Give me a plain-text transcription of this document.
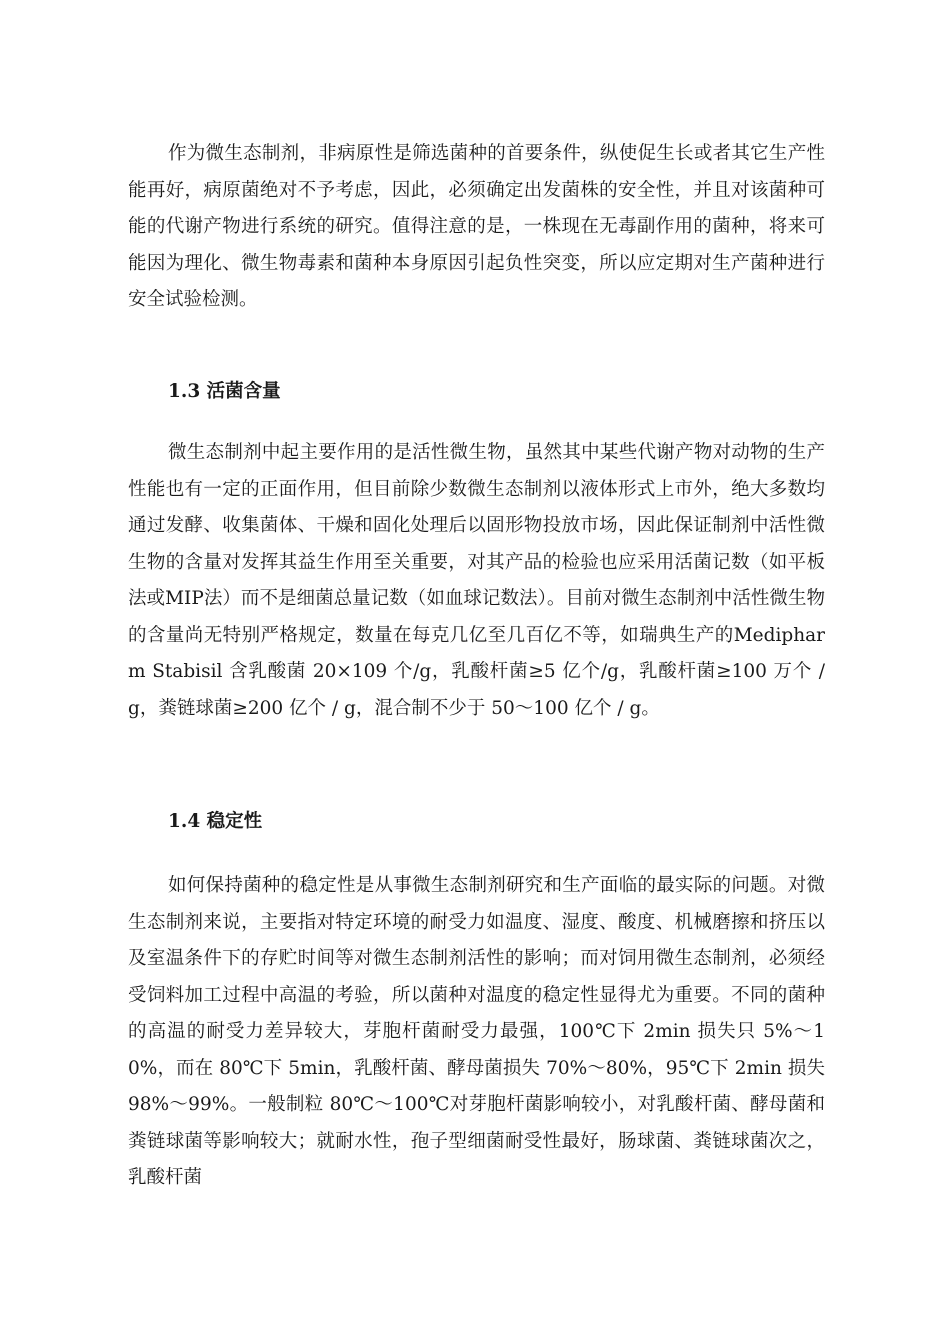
作为微生态制剂，非病原性是筛选菌种的首要条件，纵使促生长或者其它生产性能再好，病原菌绝对不予考虑，因此，必须确定出发菌株的安全性，并且对该菌种可能的代谢产物进行系统的研究。值得注意的是，一株现在无毒副作用的菌种，将来可能因为理化、微生物毒素和菌种本身原因引起负性突变，所以应定期对生产菌种进行安全试验检测。

1.3 活菌含量

微生态制剂中起主要作用的是活性微生物，虽然其中某些代谢产物对动物的生产性能也有一定的正面作用，但目前除少数微生态制剂以液体形式上市外，绝大多数均通过发酵、收集菌体、干燥和固化处理后以固形物投放市场，因此保证制剂中活性微生物的含量对发挥其益生作用至关重要，对其产品的检验也应采用活菌记数（如平板法或MIP法）而不是细菌总量记数（如血球记数法）。目前对微生态制剂中活性微生物的含量尚无特别严格规定，数量在每克几亿至几百亿不等，如瑞典生产的Medipharm Stabisil 含乳酸菌 20×109 个/g，乳酸杆菌≥5 亿个/g，乳酸杆菌≥100 万个 / g，粪链球菌≥200 亿个 / g，混合制不少于 50～100 亿个 / g。

1.4 稳定性

如何保持菌种的稳定性是从事微生态制剂研究和生产面临的最实际的问题。对微生态制剂来说，主要指对特定环境的耐受力如温度、湿度、酸度、机械磨擦和挤压以及室温条件下的存贮时间等对微生态制剂活性的影响；而对饲用微生态制剂，必须经受饲料加工过程中高温的考验，所以菌种对温度的稳定性显得尤为重要。不同的菌种的高温的耐受力差异较大，芽胞杆菌耐受力最强，100℃下 2min 损失只 5%～10%，而在 80℃下 5min，乳酸杆菌、酵母菌损失 70%～80%，95℃下 2min 损失 98%～99%。一般制粒 80℃～100℃对芽胞杆菌影响较小，对乳酸杆菌、酵母菌和粪链球菌等影响较大；就耐水性，孢子型细菌耐受性最好，肠球菌、粪链球菌次之，乳酸杆菌
